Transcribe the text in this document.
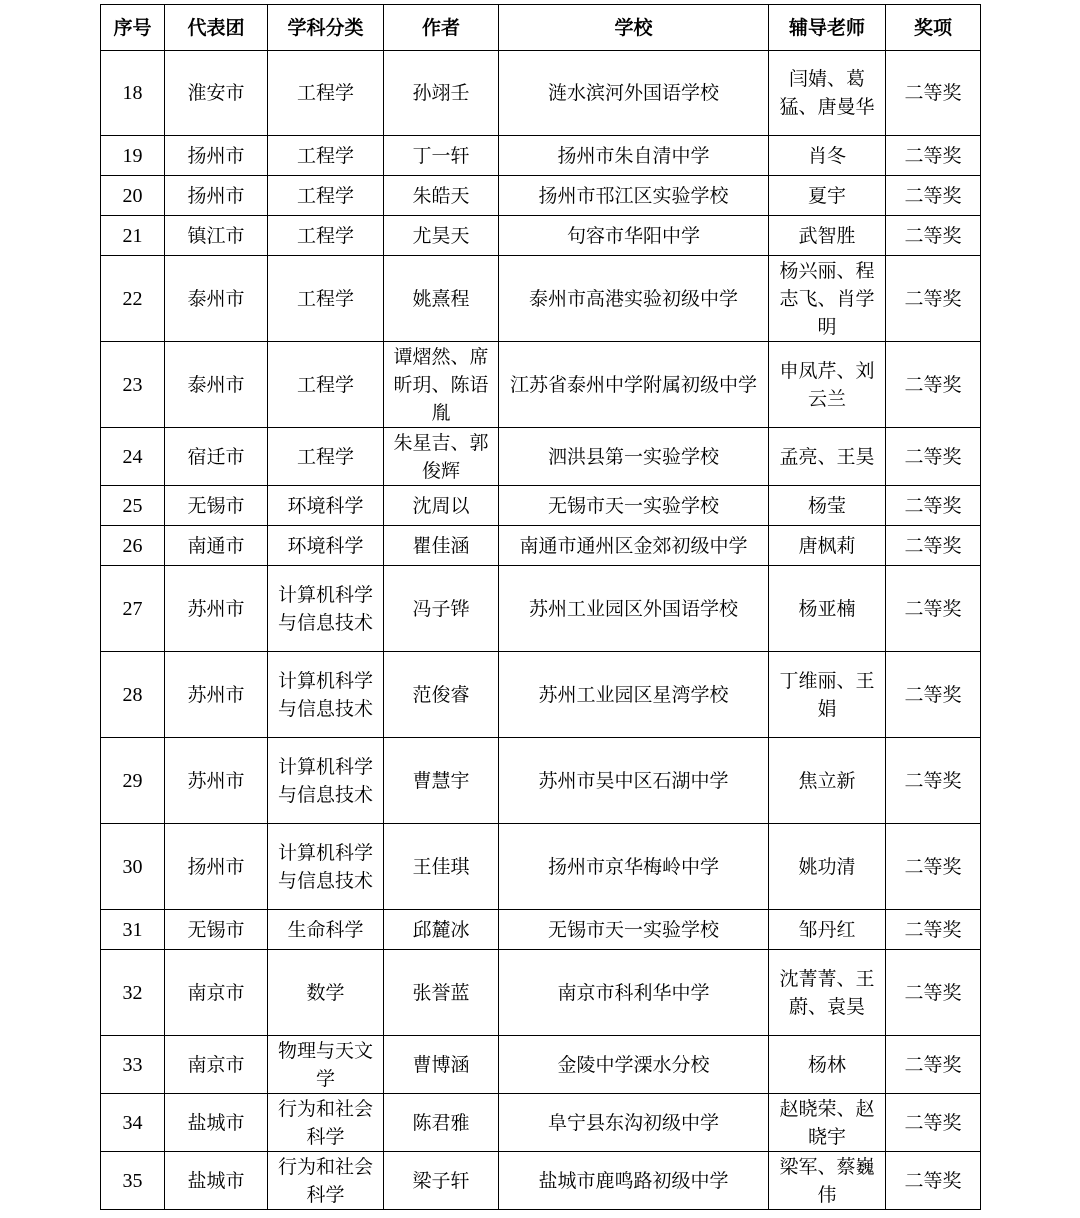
序号	代表团	学科分类	作者	学校	辅导老师	奖项
18	淮安市	工程学	孙翊壬	涟水滨河外国语学校	闫婧、葛猛、唐曼华	二等奖
19	扬州市	工程学	丁一轩	扬州市朱自清中学	肖冬	二等奖
20	扬州市	工程学	朱皓天	扬州市邗江区实验学校	夏宇	二等奖
21	镇江市	工程学	尤昊天	句容市华阳中学	武智胜	二等奖
22	泰州市	工程学	姚熹程	泰州市高港实验初级中学	杨兴丽、程志飞、肖学明	二等奖
23	泰州市	工程学	谭熠然、席昕玥、陈语胤	江苏省泰州中学附属初级中学	申凤芹、刘云兰	二等奖
24	宿迁市	工程学	朱星吉、郭俊辉	泗洪县第一实验学校	孟亮、王昊	二等奖
25	无锡市	环境科学	沈周以	无锡市天一实验学校	杨莹	二等奖
26	南通市	环境科学	瞿佳涵	南通市通州区金郊初级中学	唐枫莉	二等奖
27	苏州市	计算机科学与信息技术	冯子铧	苏州工业园区外国语学校	杨亚楠	二等奖
28	苏州市	计算机科学与信息技术	范俊睿	苏州工业园区星湾学校	丁维丽、王娟	二等奖
29	苏州市	计算机科学与信息技术	曹慧宇	苏州市吴中区石湖中学	焦立新	二等奖
30	扬州市	计算机科学与信息技术	王佳琪	扬州市京华梅岭中学	姚功清	二等奖
31	无锡市	生命科学	邱麓冰	无锡市天一实验学校	邹丹红	二等奖
32	南京市	数学	张誉蓝	南京市科利华中学	沈菁菁、王蔚、袁昊	二等奖
33	南京市	物理与天文学	曹博涵	金陵中学溧水分校	杨林	二等奖
34	盐城市	行为和社会科学	陈君雅	阜宁县东沟初级中学	赵晓荣、赵晓宇	二等奖
35	盐城市	行为和社会科学	梁子轩	盐城市鹿鸣路初级中学	梁军、蔡巍伟	二等奖
